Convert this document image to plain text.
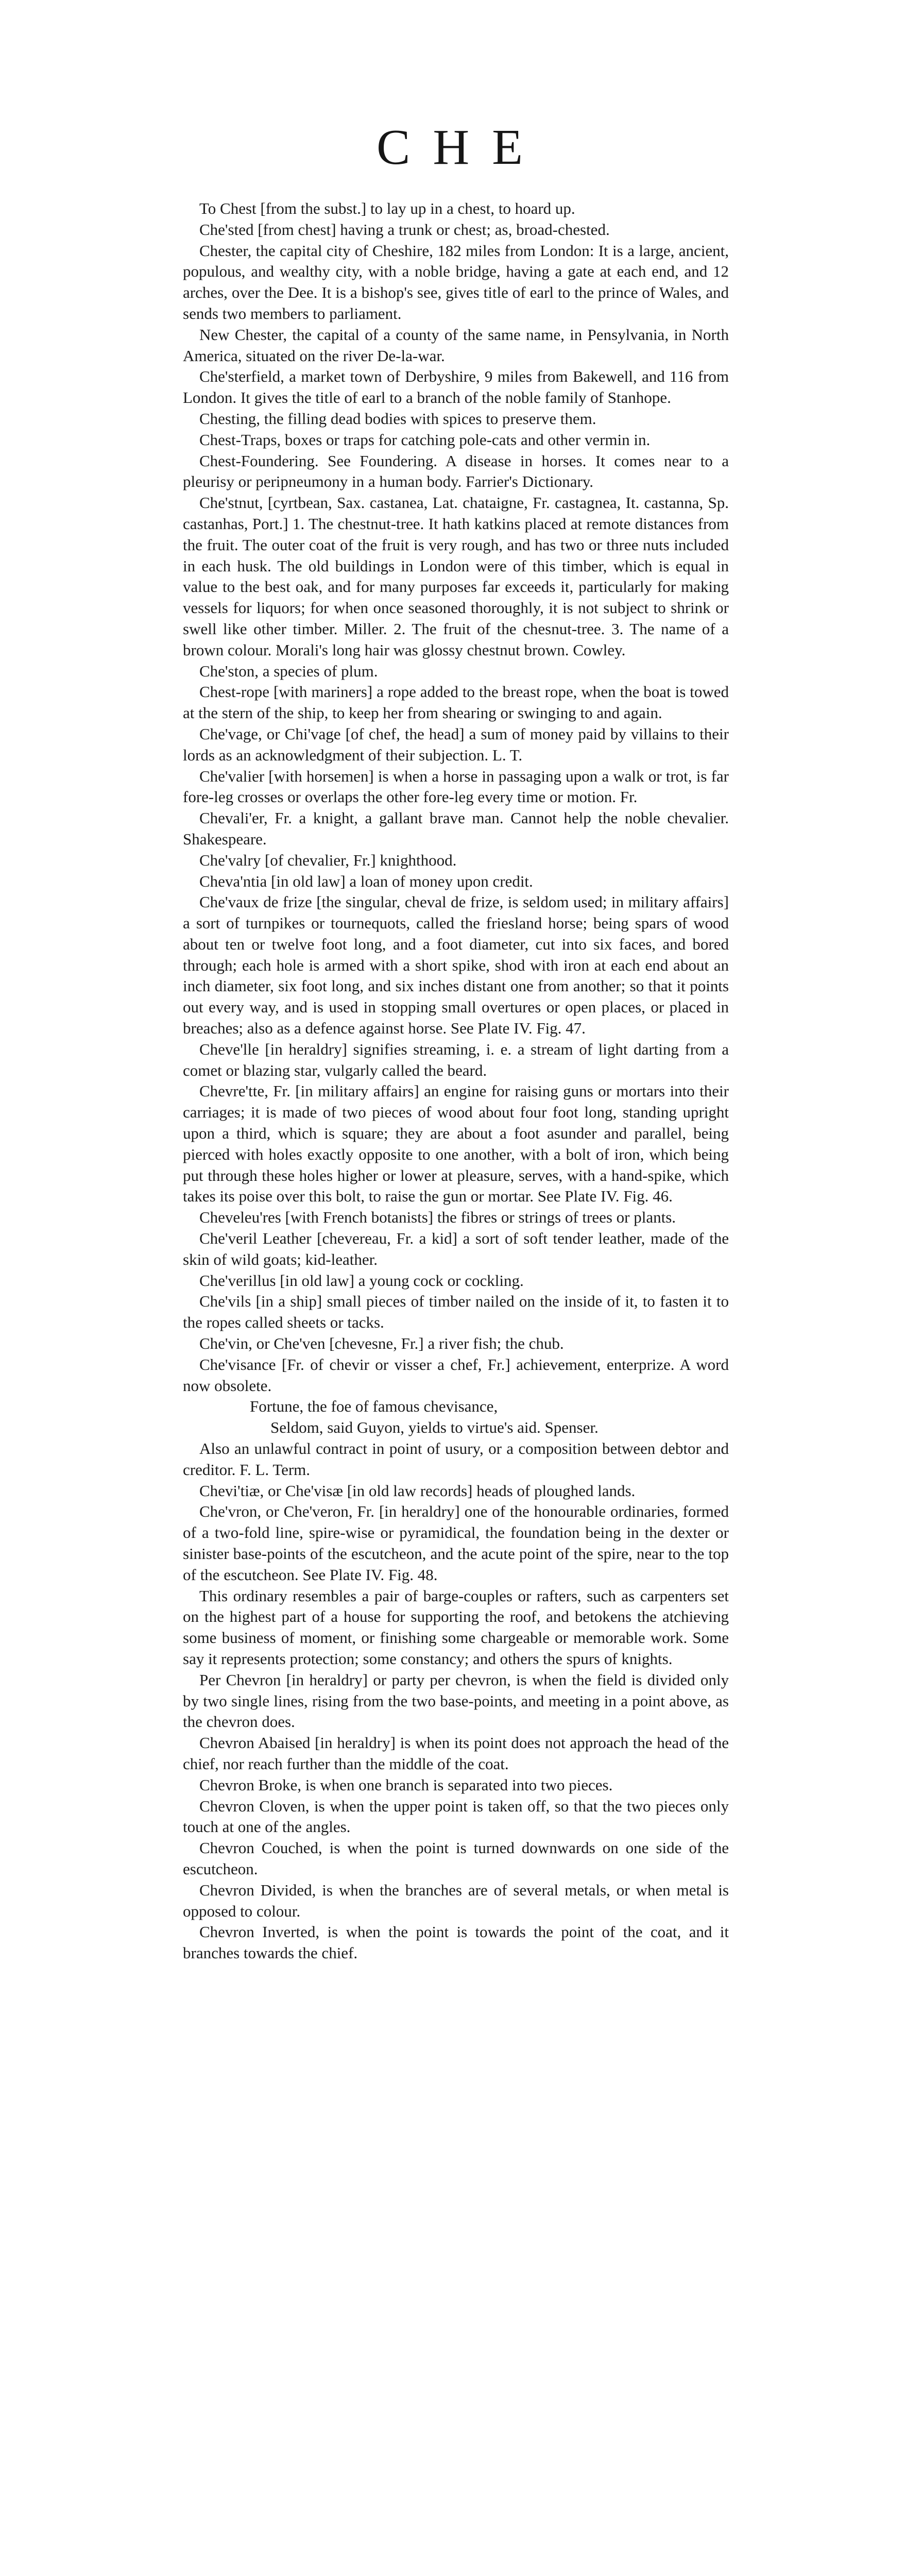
CHE

To Chest [from the subst.] to lay up in a chest, to hoard up.

Che'sted [from chest] having a trunk or chest; as, broad-chested.

Chester, the capital city of Cheshire, 182 miles from London: It is a large, ancient, populous, and wealthy city, with a noble bridge, having a gate at each end, and 12 arches, over the Dee. It is a bishop's see, gives title of earl to the prince of Wales, and sends two members to parliament.

New Chester, the capital of a county of the same name, in Pensylvania, in North America, situated on the river De-la-war.

Che'sterfield, a market town of Derbyshire, 9 miles from Bakewell, and 116 from London. It gives the title of earl to a branch of the noble family of Stanhope.

Chesting, the filling dead bodies with spices to preserve them.

Chest-Traps, boxes or traps for catching pole-cats and other vermin in.

Chest-Foundering. See Foundering. A disease in horses. It comes near to a pleurisy or peripneumony in a human body. Farrier's Dictionary.

Che'stnut, [cyrtbean, Sax. castanea, Lat. chataigne, Fr. castagnea, It. castanna, Sp. castanhas, Port.] 1. The chestnut-tree. It hath katkins placed at remote distances from the fruit. The outer coat of the fruit is very rough, and has two or three nuts included in each husk. The old buildings in London were of this timber, which is equal in value to the best oak, and for many purposes far exceeds it, particularly for making vessels for liquors; for when once seasoned thoroughly, it is not subject to shrink or swell like other timber. Miller. 2. The fruit of the chesnut-tree. 3. The name of a brown colour. Morali's long hair was glossy chestnut brown. Cowley.

Che'ston, a species of plum.

Chest-rope [with mariners] a rope added to the breast rope, when the boat is towed at the stern of the ship, to keep her from shearing or swinging to and again.

Che'vage, or Chi'vage [of chef, the head] a sum of money paid by villains to their lords as an acknowledgment of their subjection. L. T.

Che'valier [with horsemen] is when a horse in passaging upon a walk or trot, is far fore-leg crosses or overlaps the other fore-leg every time or motion. Fr.

Chevali'er, Fr. a knight, a gallant brave man. Cannot help the noble chevalier. Shakespeare.

Che'valry [of chevalier, Fr.] knighthood.

Cheva'ntia [in old law] a loan of money upon credit.

Che'vaux de frize [the singular, cheval de frize, is seldom used; in military affairs] a sort of turnpikes or tournequots, called the friesland horse; being spars of wood about ten or twelve foot long, and a foot diameter, cut into six faces, and bored through; each hole is armed with a short spike, shod with iron at each end about an inch diameter, six foot long, and six inches distant one from another; so that it points out every way, and is used in stopping small overtures or open places, or placed in breaches; also as a defence against horse. See Plate IV. Fig. 47.

Cheve'lle [in heraldry] signifies streaming, i. e. a stream of light darting from a comet or blazing star, vulgarly called the beard.

Chevre'tte, Fr. [in military affairs] an engine for raising guns or mortars into their carriages; it is made of two pieces of wood about four foot long, standing upright upon a third, which is square; they are about a foot asunder and parallel, being pierced with holes exactly opposite to one another, with a bolt of iron, which being put through these holes higher or lower at pleasure, serves, with a hand-spike, which takes its poise over this bolt, to raise the gun or mortar. See Plate IV. Fig. 46.

Cheveleu'res [with French botanists] the fibres or strings of trees or plants.

Che'veril Leather [chevereau, Fr. a kid] a sort of soft tender leather, made of the skin of wild goats; kid-leather.

Che'verillus [in old law] a young cock or cockling.

Che'vils [in a ship] small pieces of timber nailed on the inside of it, to fasten it to the ropes called sheets or tacks.

Che'vin, or Che'ven [chevesne, Fr.] a river fish; the chub.

Che'visance [Fr. of chevir or visser a chef, Fr.] achievement, enterprize. A word now obsolete.

Fortune, the foe of famous chevisance,

Seldom, said Guyon, yields to virtue's aid. Spenser.

Also an unlawful contract in point of usury, or a composition between debtor and creditor. F. L. Term.

Chevi'tiæ, or Che'visæ [in old law records] heads of ploughed lands.

Che'vron, or Che'veron, Fr. [in heraldry] one of the honourable ordinaries, formed of a two-fold line, spire-wise or pyramidical, the foundation being in the dexter or sinister base-points of the escutcheon, and the acute point of the spire, near to the top of the escutcheon. See Plate IV. Fig. 48.

This ordinary resembles a pair of barge-couples or rafters, such as carpenters set on the highest part of a house for supporting the roof, and betokens the atchieving some business of moment, or finishing some chargeable or memorable work. Some say it represents protection; some constancy; and others the spurs of knights.

Per Chevron [in heraldry] or party per chevron, is when the field is divided only by two single lines, rising from the two base-points, and meeting in a point above, as the chevron does.

Chevron Abaised [in heraldry] is when its point does not approach the head of the chief, nor reach further than the middle of the coat.

Chevron Broke, is when one branch is separated into two pieces.

Chevron Cloven, is when the upper point is taken off, so that the two pieces only touch at one of the angles.

Chevron Couched, is when the point is turned downwards on one side of the escutcheon.

Chevron Divided, is when the branches are of several metals, or when metal is opposed to colour.

Chevron Inverted, is when the point is towards the point of the coat, and it branches towards the chief.
